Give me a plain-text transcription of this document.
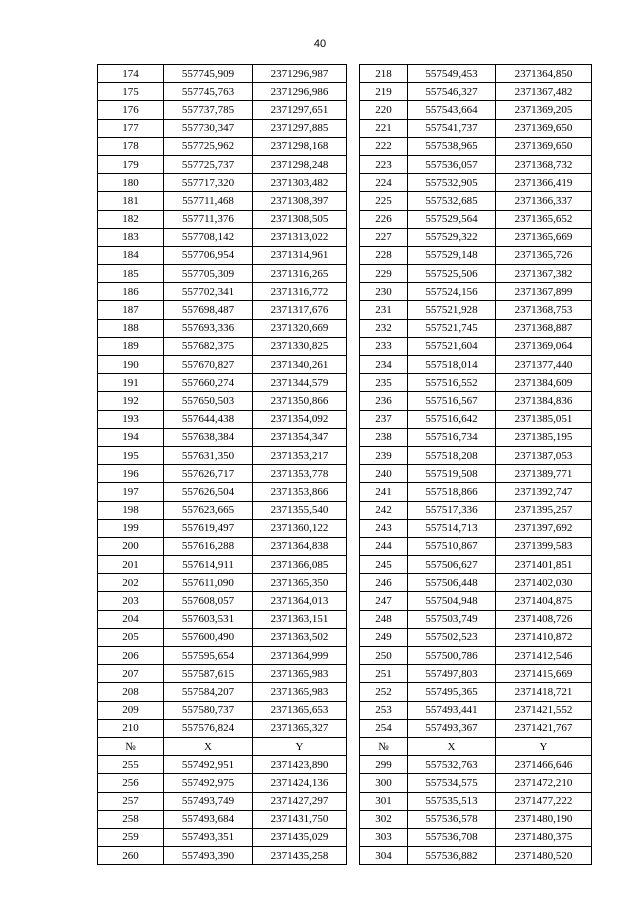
40
174	557745,909	2371296,987
175	557745,763	2371296,986
176	557737,785	2371297,651
177	557730,347	2371297,885
178	557725,962	2371298,168
179	557725,737	2371298,248
180	557717,320	2371303,482
181	557711,468	2371308,397
182	557711,376	2371308,505
183	557708,142	2371313,022
184	557706,954	2371314,961
185	557705,309	2371316,265
186	557702,341	2371316,772
187	557698,487	2371317,676
188	557693,336	2371320,669
189	557682,375	2371330,825
190	557670,827	2371340,261
191	557660,274	2371344,579
192	557650,503	2371350,866
193	557644,438	2371354,092
194	557638,384	2371354,347
195	557631,350	2371353,217
196	557626,717	2371353,778
197	557626,504	2371353,866
198	557623,665	2371355,540
199	557619,497	2371360,122
200	557616,288	2371364,838
201	557614,911	2371366,085
202	557611,090	2371365,350
203	557608,057	2371364,013
204	557603,531	2371363,151
205	557600,490	2371363,502
206	557595,654	2371364,999
207	557587,615	2371365,983
208	557584,207	2371365,983
209	557580,737	2371365,653
210	557576,824	2371365,327
№	X	Y
255	557492,951	2371423,890
256	557492,975	2371424,136
257	557493,749	2371427,297
258	557493,684	2371431,750
259	557493,351	2371435,029
260	557493,390	2371435,258
218	557549,453	2371364,850
219	557546,327	2371367,482
220	557543,664	2371369,205
221	557541,737	2371369,650
222	557538,965	2371369,650
223	557536,057	2371368,732
224	557532,905	2371366,419
225	557532,685	2371366,337
226	557529,564	2371365,652
227	557529,322	2371365,669
228	557529,148	2371365,726
229	557525,506	2371367,382
230	557524,156	2371367,899
231	557521,928	2371368,753
232	557521,745	2371368,887
233	557521,604	2371369,064
234	557518,014	2371377,440
235	557516,552	2371384,609
236	557516,567	2371384,836
237	557516,642	2371385,051
238	557516,734	2371385,195
239	557518,208	2371387,053
240	557519,508	2371389,771
241	557518,866	2371392,747
242	557517,336	2371395,257
243	557514,713	2371397,692
244	557510,867	2371399,583
245	557506,627	2371401,851
246	557506,448	2371402,030
247	557504,948	2371404,875
248	557503,749	2371408,726
249	557502,523	2371410,872
250	557500,786	2371412,546
251	557497,803	2371415,669
252	557495,365	2371418,721
253	557493,441	2371421,552
254	557493,367	2371421,767
№	X	Y
299	557532,763	2371466,646
300	557534,575	2371472,210
301	557535,513	2371477,222
302	557536,578	2371480,190
303	557536,708	2371480,375
304	557536,882	2371480,520
